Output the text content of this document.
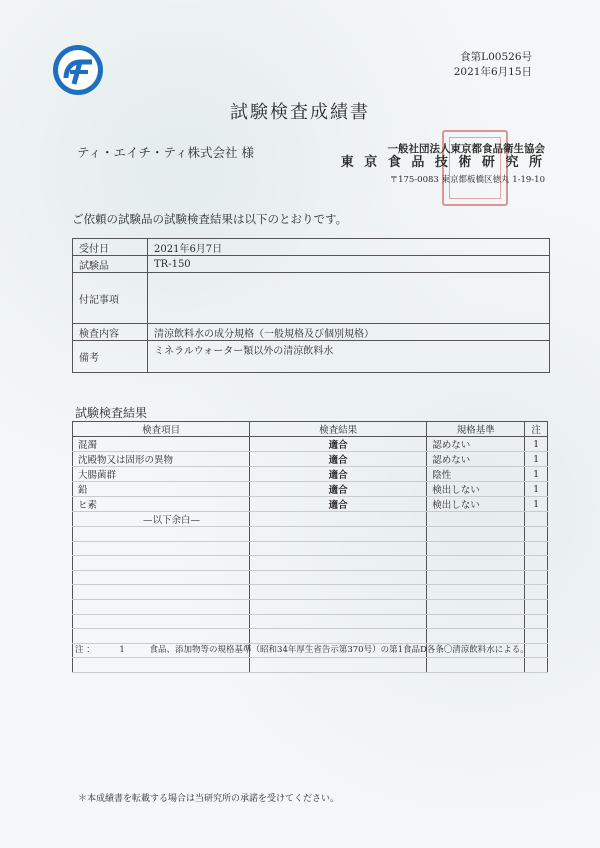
食第L00526号
2021年6月15日
試験検査成績書
ティ・エイチ・ティ株式会社 様	一般社団法人東京都食品衛生協会
東 京 食 品 技 術 研 究 所
〒175-0083 東京都板橋区徳丸 1-19-10
ご依頼の試験品の試験検査結果は以下のとおりです。
受付日	2021年6月7日
試験品	TR-150
付記事項	
検査内容	清涼飲料水の成分規格（一般規格及び個別規格）
備考	ミネラルウォーター類以外の清涼飲料水
試験検査結果
検査項目	検査結果	規格基準	注
混濁	適合	認めない	1
沈殿物又は固形の異物	適合	認めない	1
大腸菌群	適合	陰性	1
鉛	適合	検出しない	1
ヒ素	適合	検出しない	1
—以下余白—			

注 ：	1	食品、添加物等の規格基準（昭和34年厚生省告示第370号）の第1食品D各条〇清涼飲料水による。
＊本成績書を転載する場合は当研究所の承諾を受けてください。
